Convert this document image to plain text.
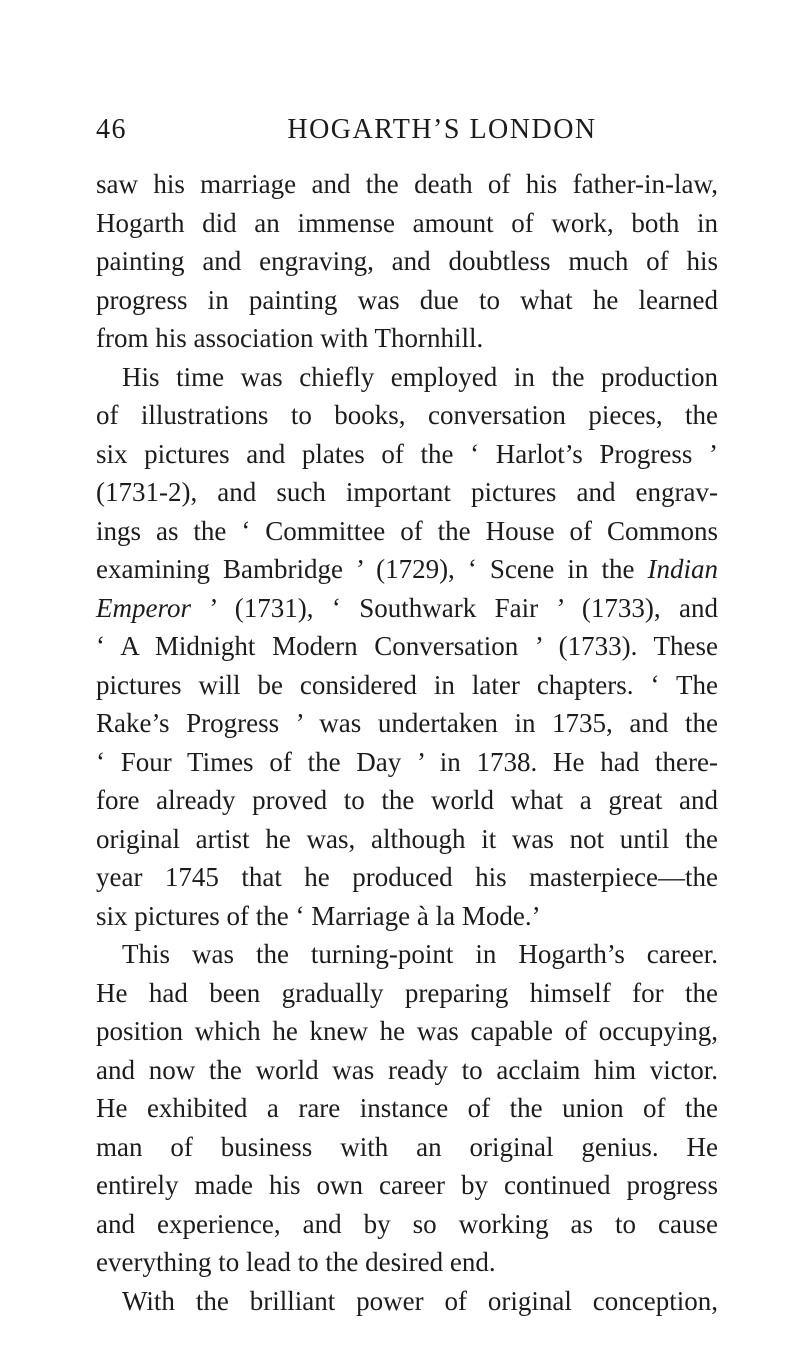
46	HOGARTH’S LONDON
saw his marriage and the death of his father-in-law,
Hogarth did an immense amount of work, both in
painting and engraving, and doubtless much of his
progress in painting was due to what he learned
from his association with Thornhill.
His time was chiefly employed in the production
of illustrations to books, conversation pieces, the
six pictures and plates of the ‘ Harlot’s Progress ’
(1731-2), and such important pictures and engrav-
ings as the ‘ Committee of the House of Commons
examining Bambridge ’ (1729), ‘ Scene in the Indian
Emperor ’ (1731), ‘ Southwark Fair ’ (1733), and
‘ A Midnight Modern Conversation ’ (1733). These
pictures will be considered in later chapters. ‘ The
Rake’s Progress ’ was undertaken in 1735, and the
‘ Four Times of the Day ’ in 1738. He had there-
fore already proved to the world what a great and
original artist he was, although it was not until the
year 1745 that he produced his masterpiece—the
six pictures of the ‘ Marriage à la Mode.’
This was the turning-point in Hogarth’s career.
He had been gradually preparing himself for the
position which he knew he was capable of occupying,
and now the world was ready to acclaim him victor.
He exhibited a rare instance of the union of the
man of business with an original genius. He
entirely made his own career by continued progress
and experience, and by so working as to cause
everything to lead to the desired end.
With the brilliant power of original conception,
